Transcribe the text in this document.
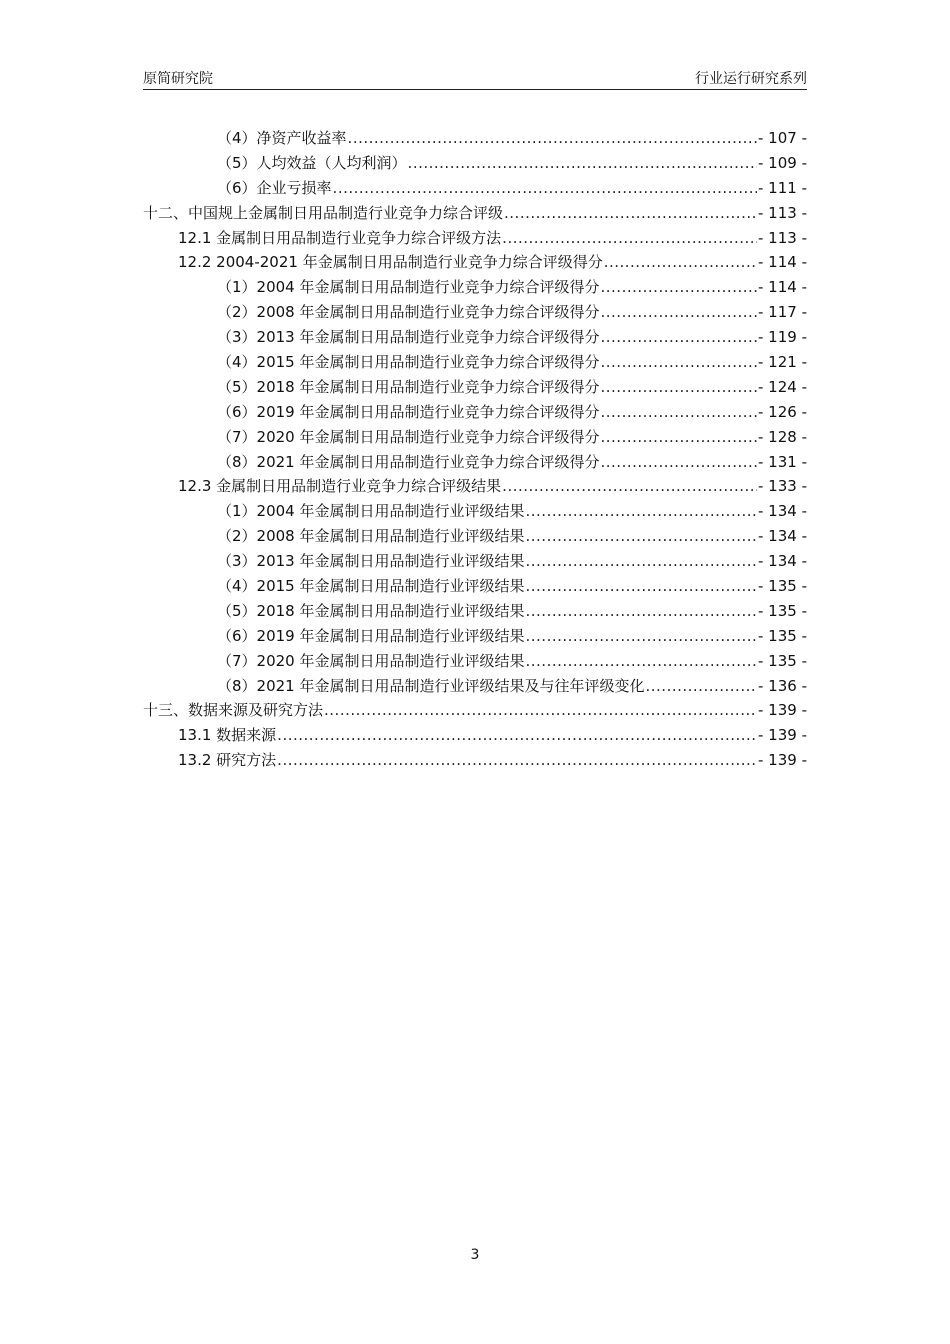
原简研究院	行业运行研究系列
（4）净资产收益率 .....	- 107 -
（5）人均效益（人均利润） .....	- 109 -
（6）企业亏损率 .....	- 111 -
十二、中国规上金属制日用品制造行业竞争力综合评级 .....	- 113 -
12.1 金属制日用品制造行业竞争力综合评级方法 .....	- 113 -
12.2 2004-2021 年金属制日用品制造行业竞争力综合评级得分 .....	- 114 -
（1）2004 年金属制日用品制造行业竞争力综合评级得分 .....	- 114 -
（2）2008 年金属制日用品制造行业竞争力综合评级得分 .....	- 117 -
（3）2013 年金属制日用品制造行业竞争力综合评级得分 .....	- 119 -
（4）2015 年金属制日用品制造行业竞争力综合评级得分 .....	- 121 -
（5）2018 年金属制日用品制造行业竞争力综合评级得分 .....	- 124 -
（6）2019 年金属制日用品制造行业竞争力综合评级得分 .....	- 126 -
（7）2020 年金属制日用品制造行业竞争力综合评级得分 .....	- 128 -
（8）2021 年金属制日用品制造行业竞争力综合评级得分 .....	- 131 -
12.3 金属制日用品制造行业竞争力综合评级结果 .....	- 133 -
（1）2004 年金属制日用品制造行业评级结果 .....	- 134 -
（2）2008 年金属制日用品制造行业评级结果 .....	- 134 -
（3）2013 年金属制日用品制造行业评级结果 .....	- 134 -
（4）2015 年金属制日用品制造行业评级结果 .....	- 135 -
（5）2018 年金属制日用品制造行业评级结果 .....	- 135 -
（6）2019 年金属制日用品制造行业评级结果 .....	- 135 -
（7）2020 年金属制日用品制造行业评级结果 .....	- 135 -
（8）2021 年金属制日用品制造行业评级结果及与往年评级变化 .....	- 136 -
十三、数据来源及研究方法 .....	- 139 -
13.1 数据来源 .....	- 139 -
13.2 研究方法 .....	- 139 -
3
